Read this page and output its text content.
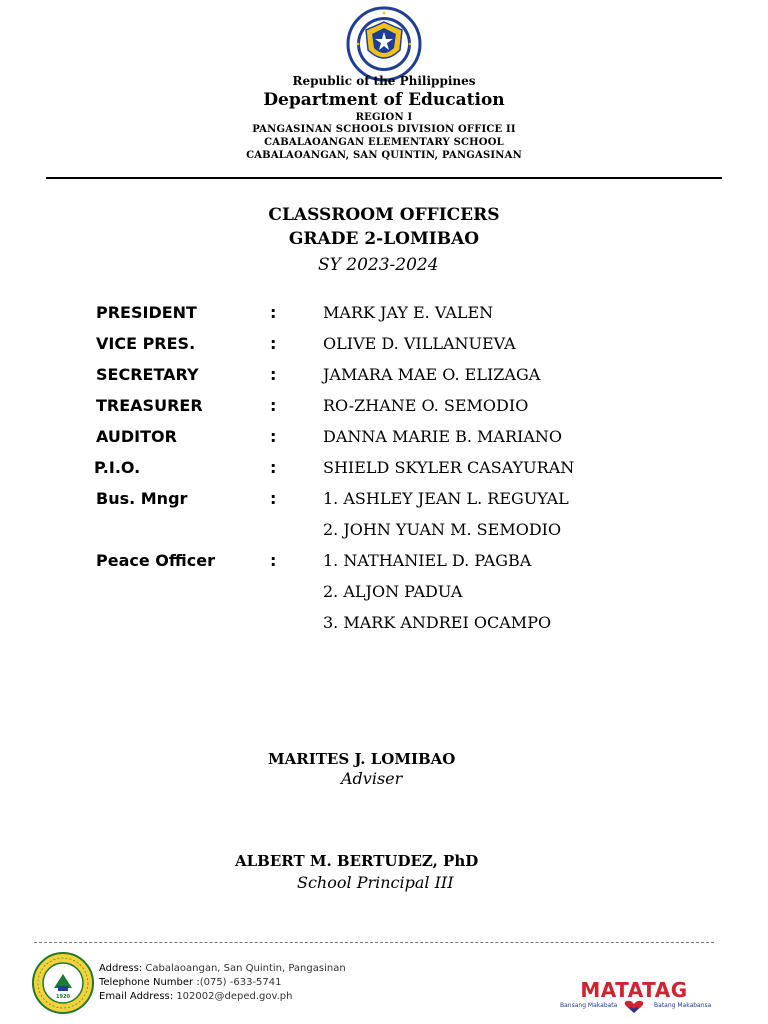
Republic of the Philippines
Department of Education
REGION I
PANGASINAN SCHOOLS DIVISION OFFICE II
CABALAOANGAN ELEMENTARY SCHOOL
CABALAOANGAN, SAN QUINTIN, PANGASINAN
CLASSROOM OFFICERS
GRADE 2-LOMIBAO
SY 2023-2024
PRESIDENT	:	MARK JAY E. VALEN
VICE PRES.	:	OLIVE D. VILLANUEVA
SECRETARY	:	JAMARA MAE O. ELIZAGA
TREASURER	:	RO-ZHANE O. SEMODIO
AUDITOR	:	DANNA MARIE B. MARIANO
P.I.O.	:	SHIELD SKYLER CASAYURAN
Bus. Mngr	:	1. ASHLEY JEAN L. REGUYAL
2. JOHN YUAN M. SEMODIO
Peace Officer	:	1. NATHANIEL D. PAGBA
2. ALJON PADUA
3. MARK ANDREI OCAMPO
MARITES J. LOMIBAO
Adviser
ALBERT M. BERTUDEZ, PhD
School Principal III
1920
Address: Cabalaoangan, San Quintin, Pangasinan
Telephone Number :(075) -633-5741
Email Address: 102002@deped.gov.ph	MATATAG
Bansang Makabata	Batang Makabansa
